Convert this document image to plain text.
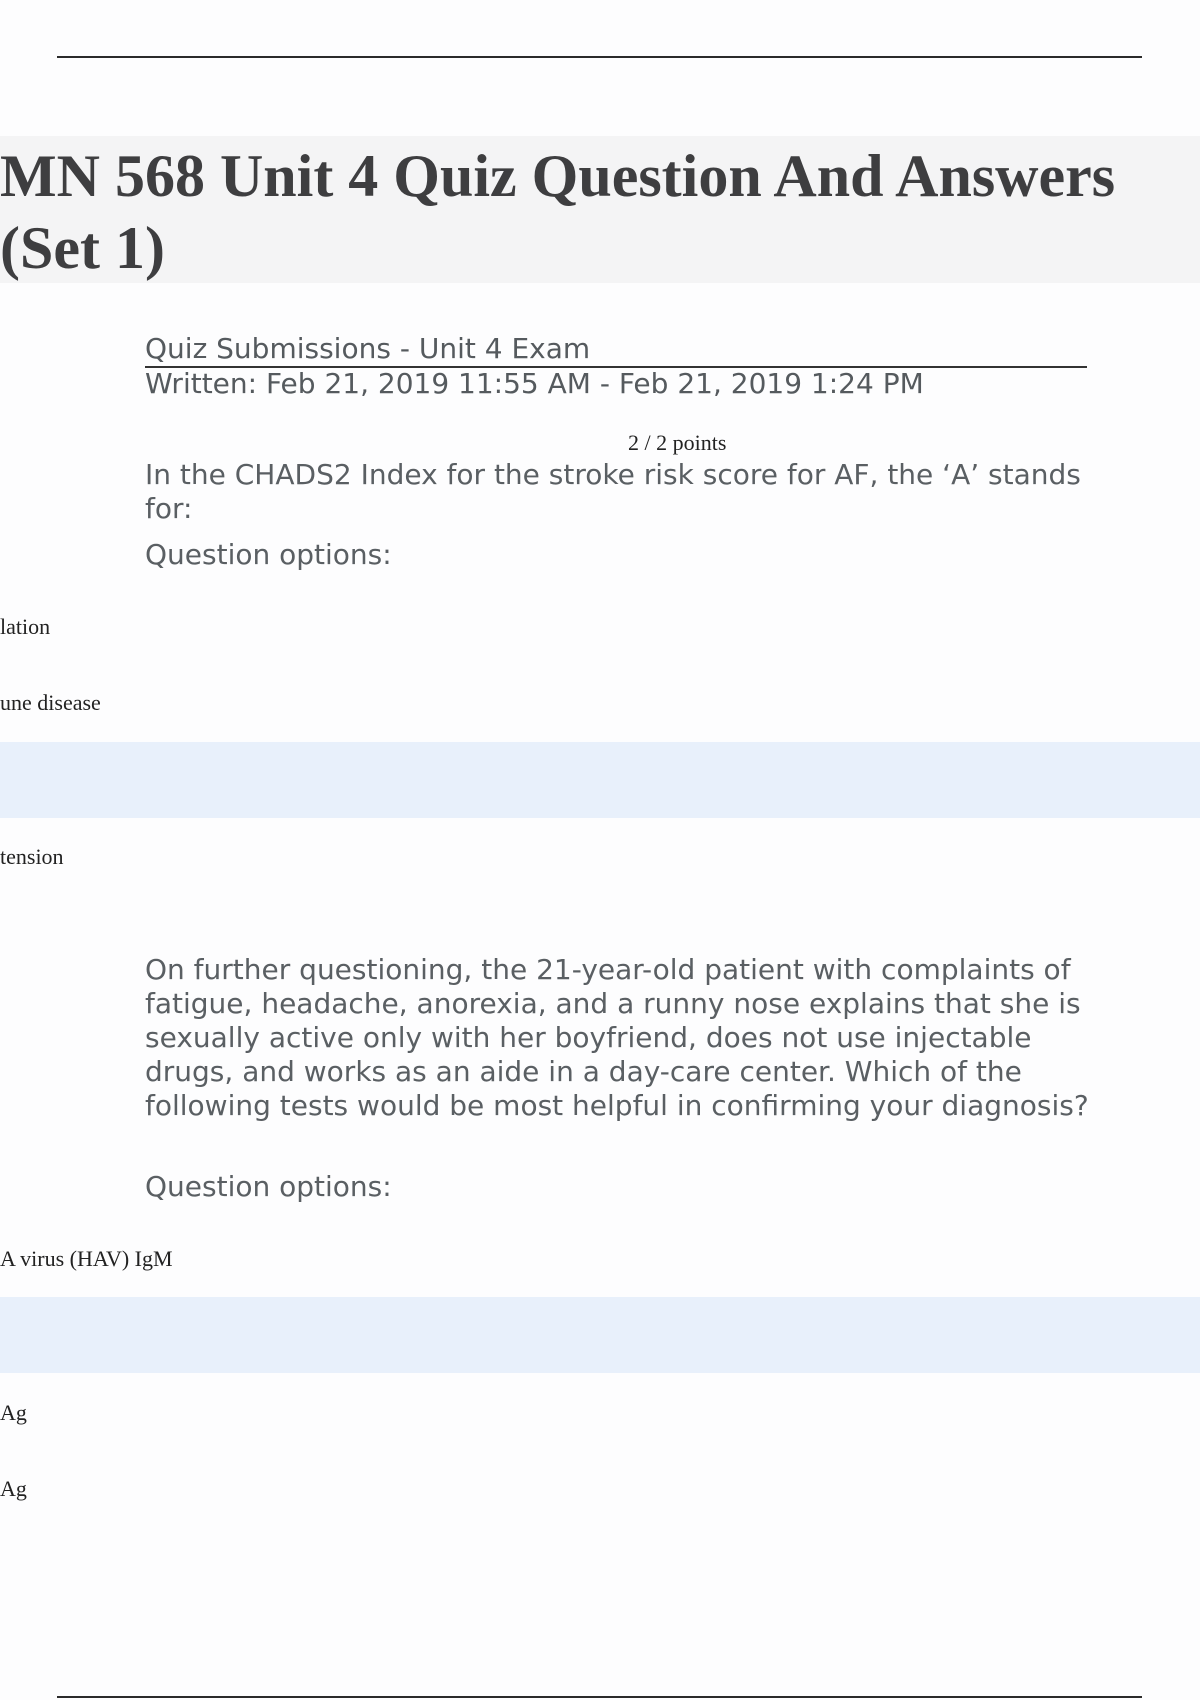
MN 568 Unit 4 Quiz Question And Answers (Set 1)
Quiz Submissions - Unit 4 Exam
Written: Feb 21, 2019 11:55 AM - Feb 21, 2019 1:24 PM
2 / 2 points

In the CHADS2 Index for the stroke risk score for AF, the ‘A’ stands for:

Question options:
lation
une disease
tension

On further questioning, the 21-year-old patient with complaints of fatigue, headache, anorexia, and a runny nose explains that she is sexually active only with her boyfriend, does not use injectable drugs, and works as an aide in a day-care center. Which of the following tests would be most helpful in confirming your diagnosis?

Question options:
A virus (HAV) IgM
Ag
Ag
